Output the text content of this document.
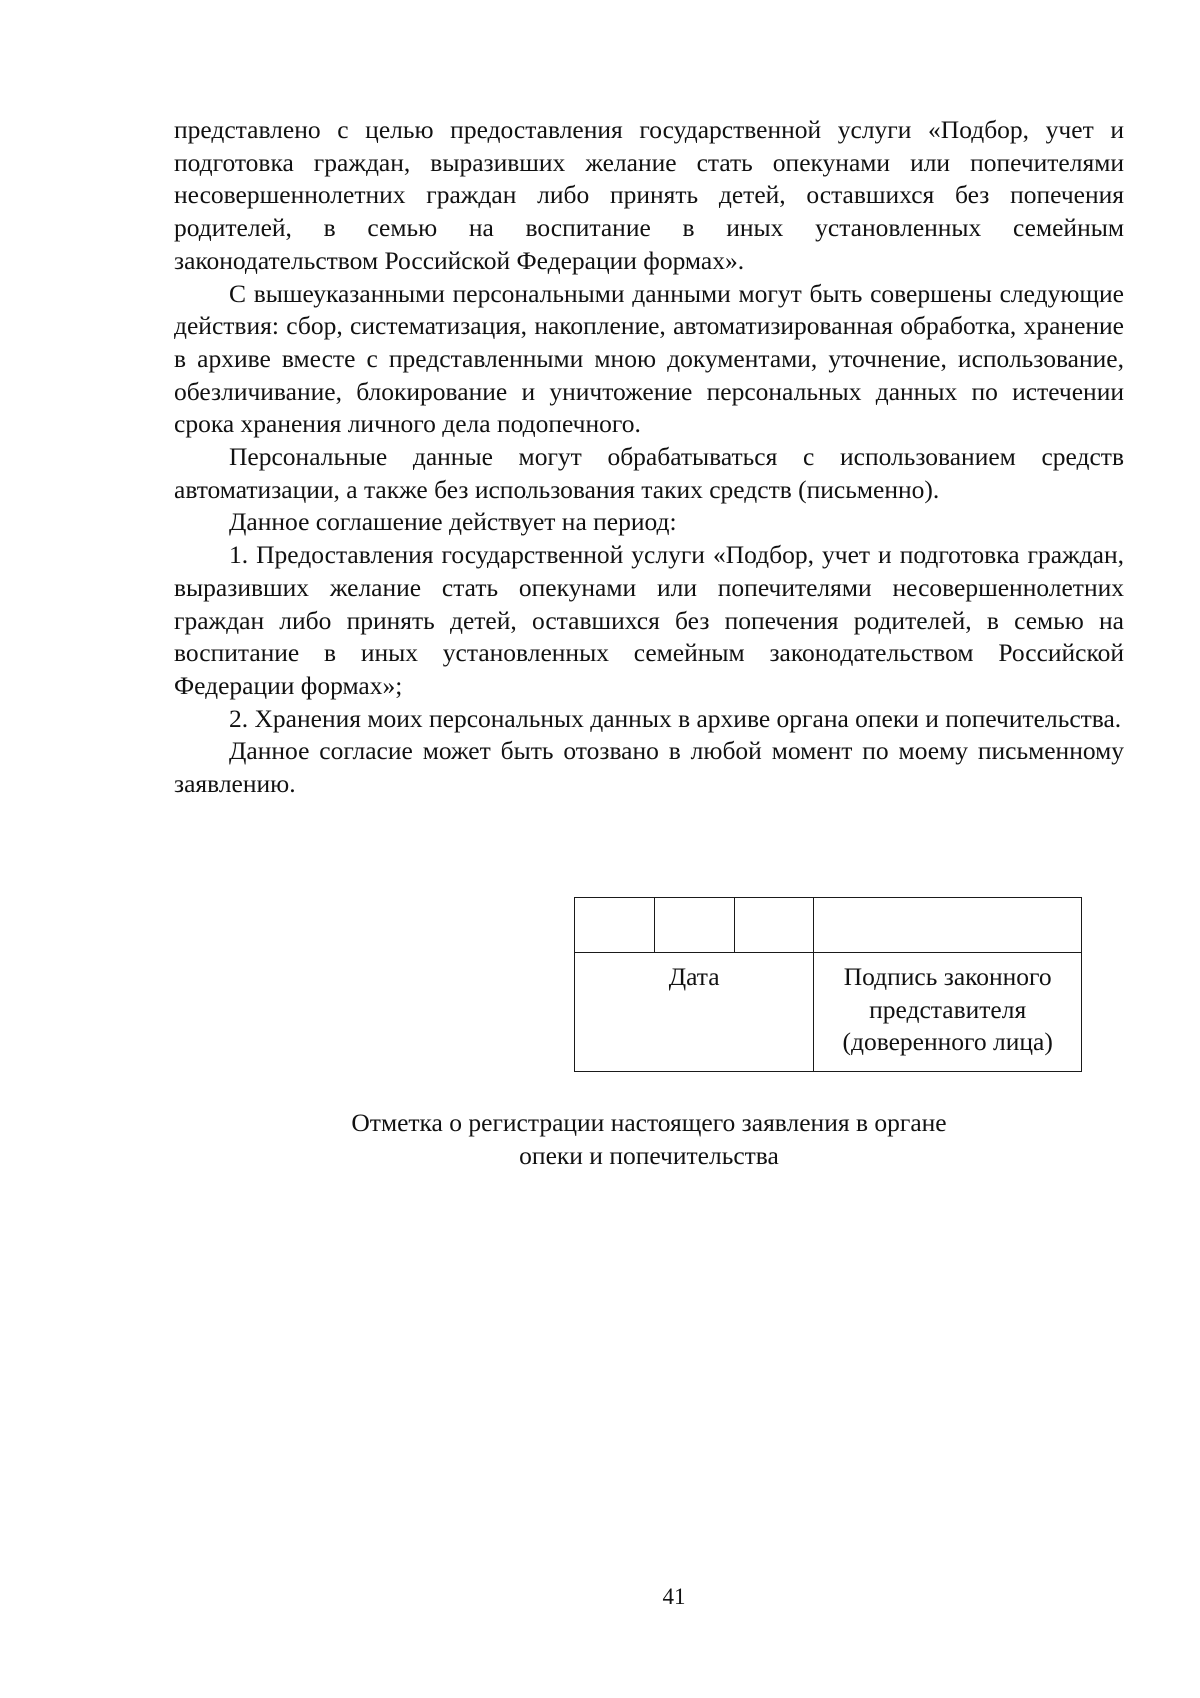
представлено с целью предоставления государственной услуги «Подбор, учет и подготовка граждан, выразивших желание стать опекунами или попечителями несовершеннолетних граждан либо принять детей, оставшихся без попечения родителей, в семью на воспитание в иных установленных семейным законодательством Российской Федерации формах».

С вышеуказанными персональными данными могут быть совершены следующие действия: сбор, систематизация, накопление, автоматизированная обработка, хранение в архиве вместе с представленными мною документами, уточнение, использование, обезличивание, блокирование и уничтожение персональных данных по истечении срока хранения личного дела подопечного.

Персональные данные могут обрабатываться с использованием средств автоматизации, а также без использования таких средств (письменно).

Данное соглашение действует на период:

1. Предоставления государственной услуги «Подбор, учет и подготовка граждан, выразивших желание стать опекунами или попечителями несовершеннолетних граждан либо принять детей, оставшихся без попечения родителей, в семью на воспитание в иных установленных семейным законодательством Российской Федерации формах»;

2. Хранения моих персональных данных в архиве органа опеки и попечительства.

Данное согласие может быть отозвано в любой момент по моему письменному заявлению.

Дата			Подпись законного представителя (доверенного лица)
Отметка о регистрации настоящего заявления в органе
опеки и попечительства
41
